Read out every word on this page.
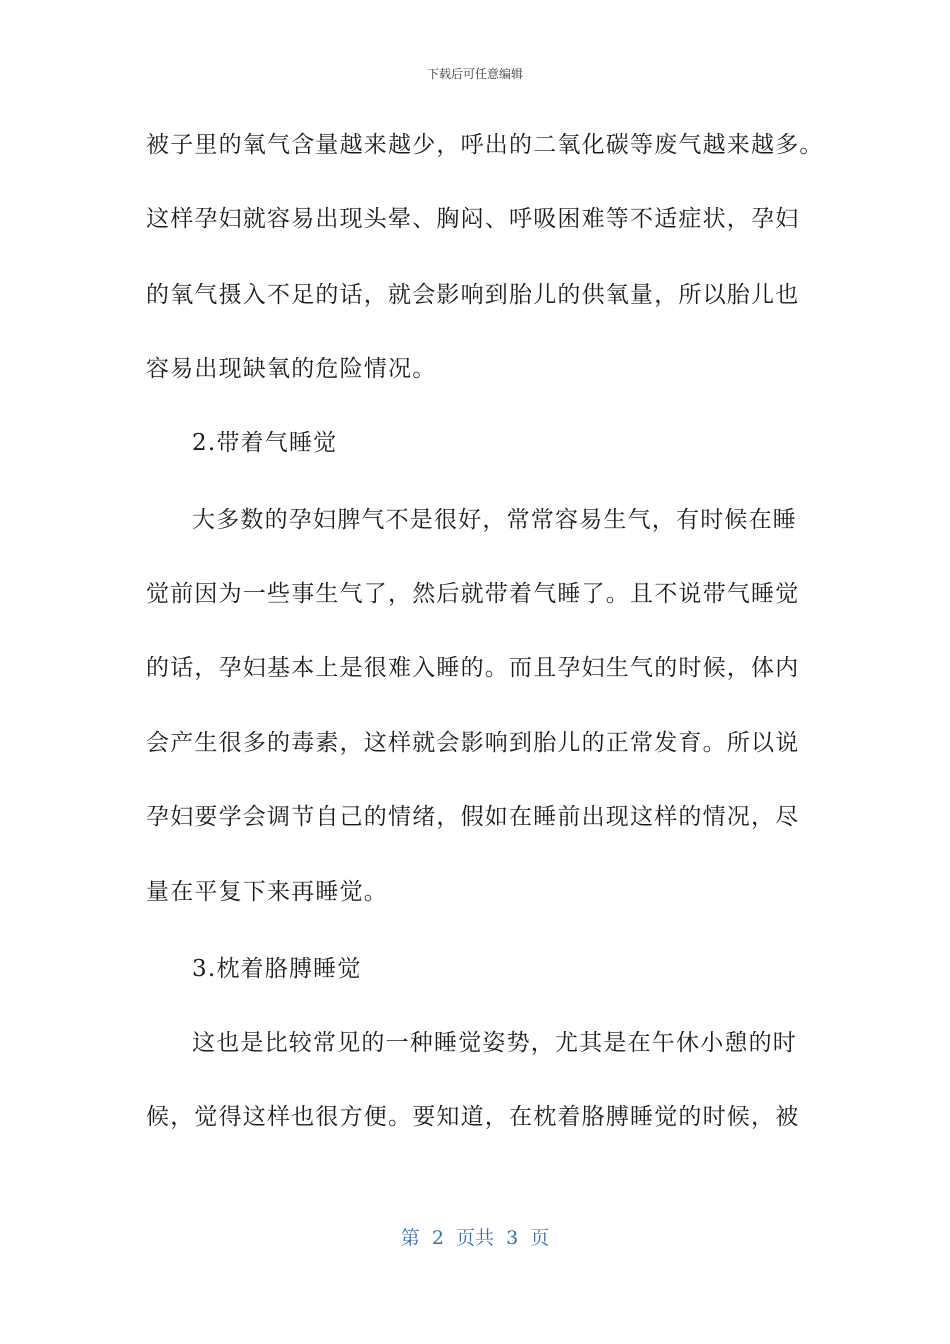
下载后可任意编辑
被子里的氧气含量越来越少，呼出的二氧化碳等废气越来越多。
这样孕妇就容易出现头晕、胸闷、呼吸困难等不适症状，孕妇
的氧气摄入不足的话，就会影响到胎儿的供氧量，所以胎儿也
容易出现缺氧的危险情况。
2.带着气睡觉
大多数的孕妇脾气不是很好，常常容易生气，有时候在睡
觉前因为一些事生气了，然后就带着气睡了。且不说带气睡觉
的话，孕妇基本上是很难入睡的。而且孕妇生气的时候，体内
会产生很多的毒素，这样就会影响到胎儿的正常发育。所以说
孕妇要学会调节自己的情绪，假如在睡前出现这样的情况，尽
量在平复下来再睡觉。
3.枕着胳膊睡觉
这也是比较常见的一种睡觉姿势，尤其是在午休小憩的时
候，觉得这样也很方便。要知道，在枕着胳膊睡觉的时候，被
第  2  页共  3  页
